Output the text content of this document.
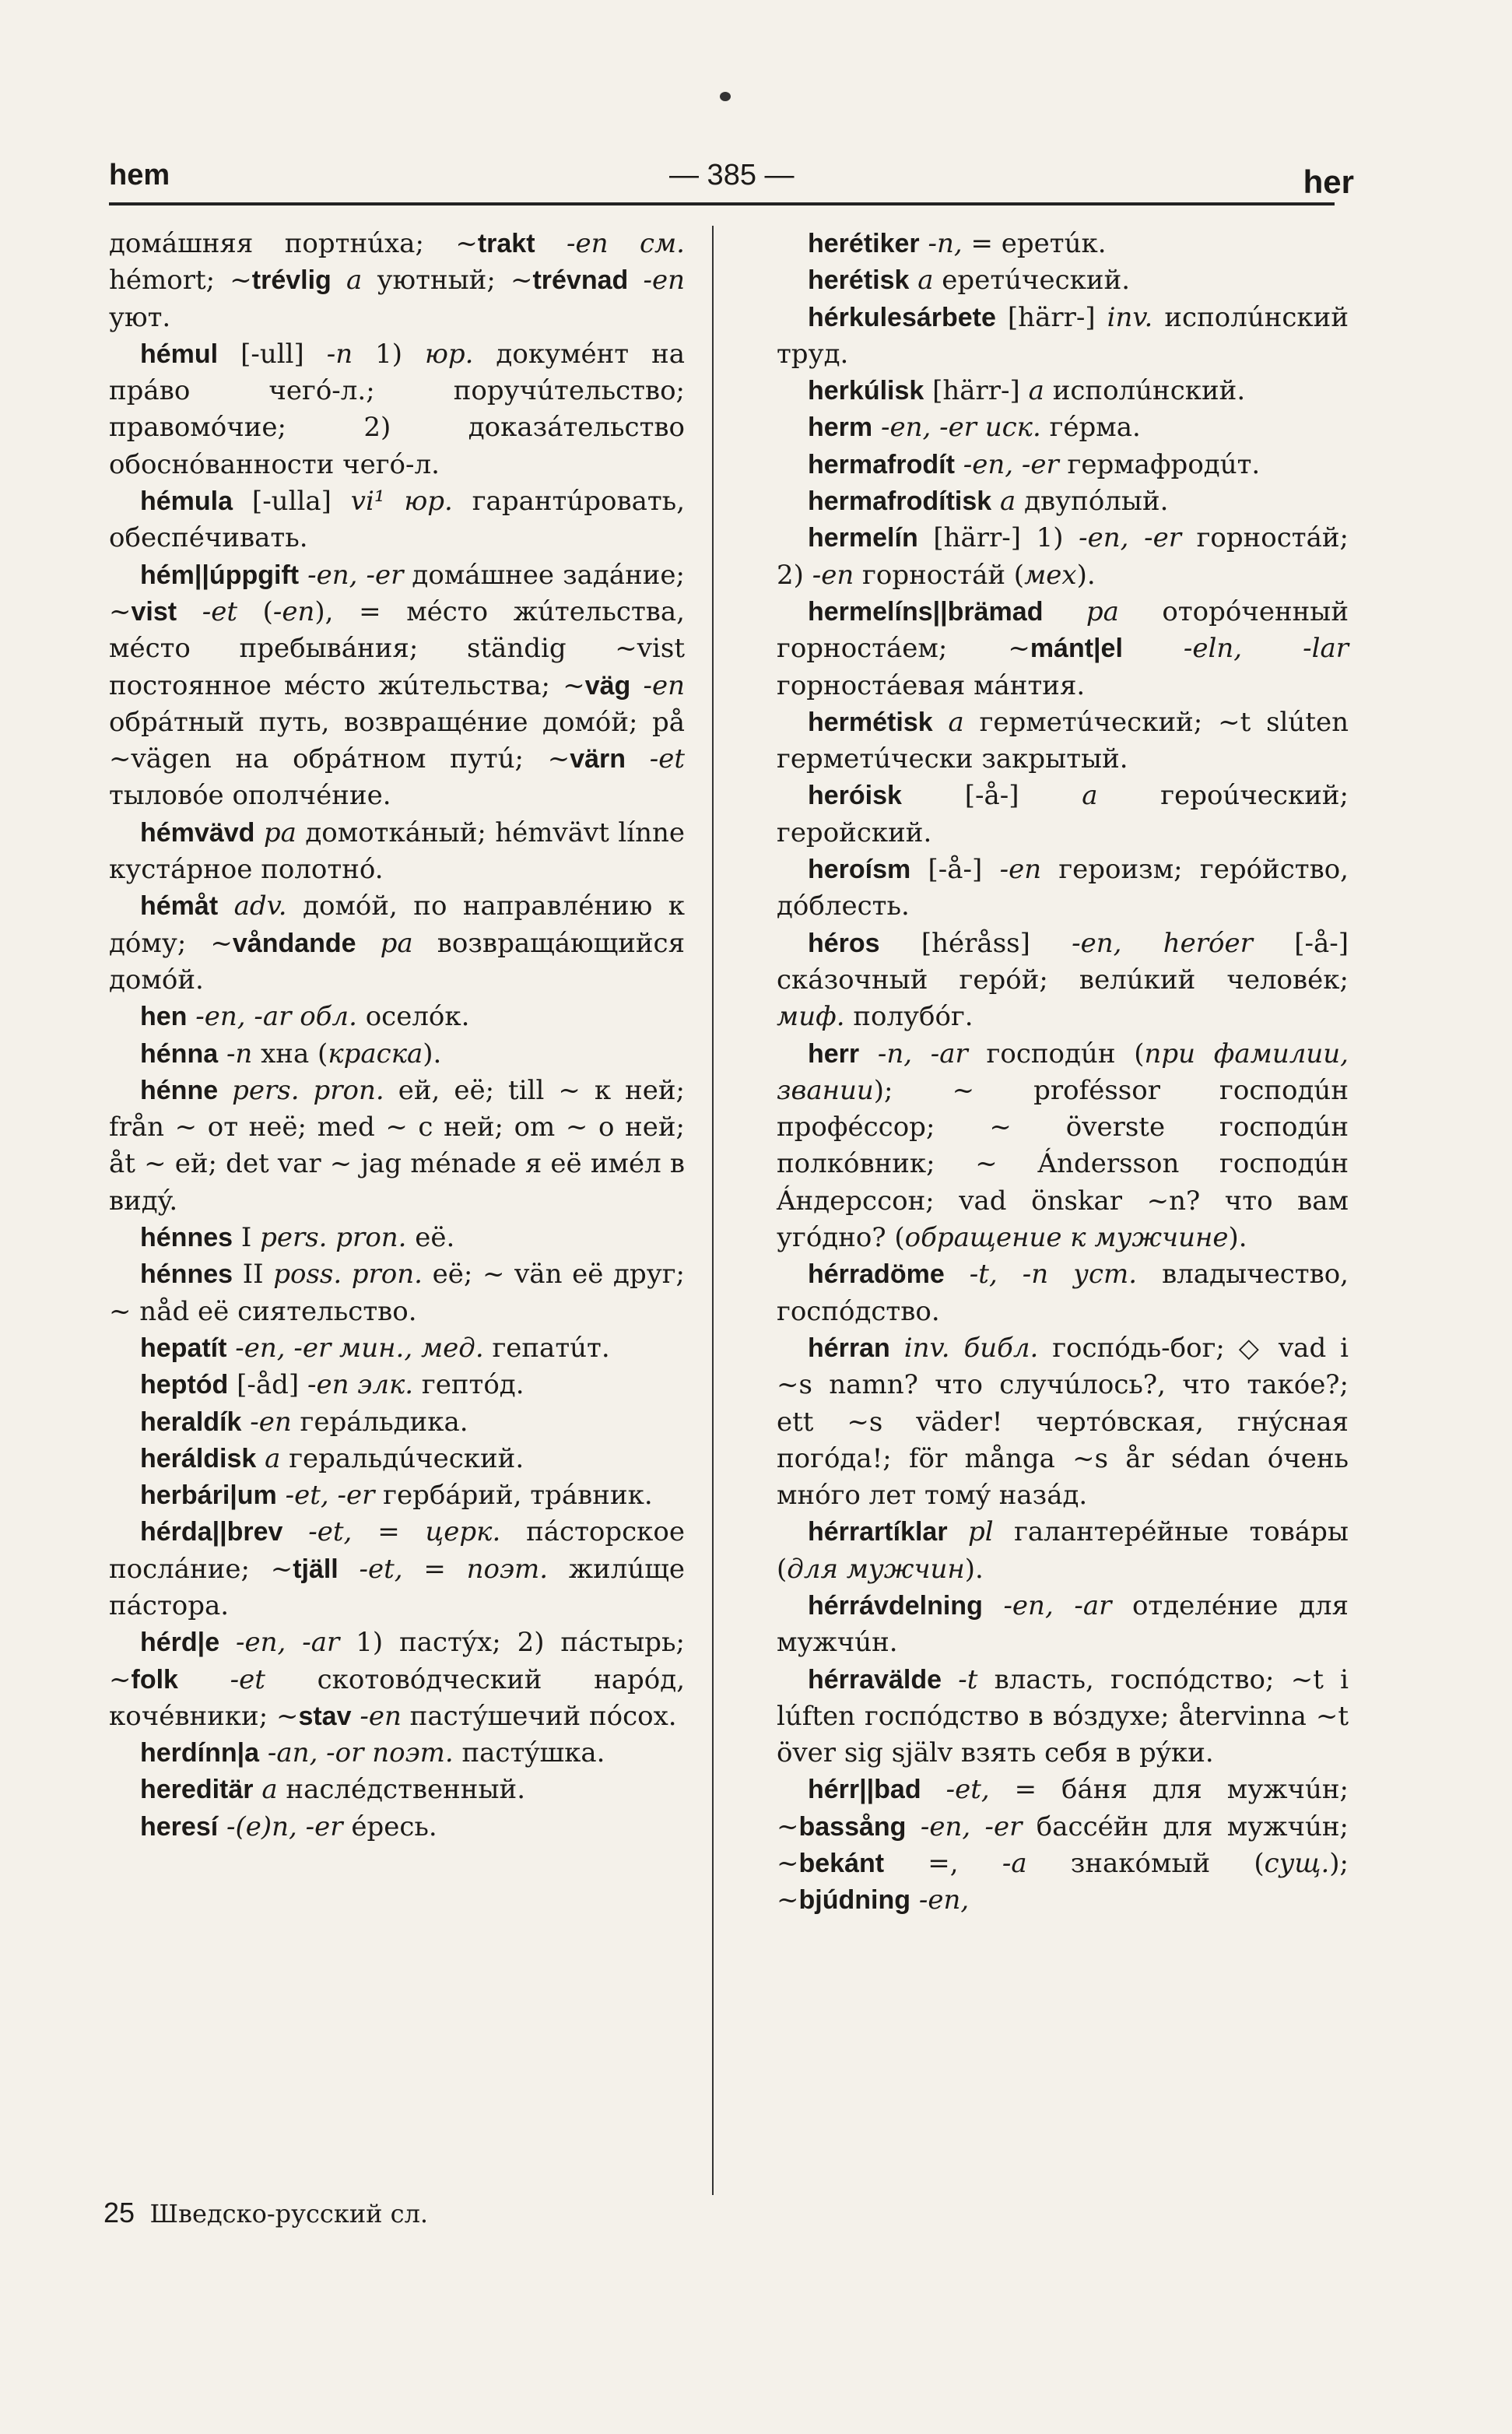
hem	— 385 —	her

домáшняя портнúха; ~trakt -en см. hémort; ~trévlig a уютный; ~trévnad -en уют.

hémul [-ull] -n 1) юр. докумéнт на прáво чегó-л.; поручúтельство; правомóчие; 2) доказáтельство обоснóванности чегó-л.

hémula [-ulla] vi¹ юр. гарантúровать, обеспéчивать.

hém||úppgift -en, -er домáшнее задáние; ~vist -et (-en), = мéсто жúтельства, мéсто пребывáния; ständig ~vist постоянное мéсто жúтельства; ~väg -en обрáтный путь, возвращéние домóй; på ~vägen на обрáтном путú; ~värn -et тыловóе ополчéние.

hémvävd pa домоткáный; hémvävt línne кустáрное полотнó.

hémåt adv. домóй, по направлéнию к дóму; ~våndande pa возвращáющийся домóй.

hen -en, -ar обл. оселóк.

hénna -n хна (краска).

hénne pers. pron. ей, её; till ~ к ней; från ~ от неё; med ~ с ней; om ~ о ней; åt ~ ей; det var ~ jag ménade я её имéл в видý.

hénnes I pers. pron. её.

hénnes II poss. pron. её; ~ vän её друг; ~ nåd её сиятельство.

hepatít -en, -er мин., мед. гепатúт.

heptód [-åd] -en элк. гептóд.

heraldík -en герáльдика.

heráldisk a геральдúческий.

herbári|um -et, -er гербáрий, трáвник.

hérda||brev -et, = церк. пáсторское послáние; ~tjäll -et, = поэт. жилúще пáстора.

hérd|e -en, -ar 1) пастýх; 2) пáстырь; ~folk -et скотовóдческий нарóд, кочéвники; ~stav -en пастýшечий пóсох.

herdínn|a -an, -or поэт. пастýшка.

hereditär a наслéдственный.

heresí -(e)n, -er éресь.

herétiker -n, = еретúк.

herétisk a еретúческий.

hérkulesárbete [härr-] inv. исполúнский труд.

herkúlisk [härr-] a исполúнский.

herm -en, -er иск. гéрма.

hermafrodít -en, -er гермафродúт.

hermafrodítisk a двупóлый.

hermelín [härr-] 1) -en, -er горностáй; 2) -en горностáй (мех).

hermelíns||brämad pa оторóченный горностáем; ~mánt|el -eln, -lar горностáевая мáнтия.

hermétisk a герметúческий; ~t slúten герметúчески закрытый.

heróisk [-å-] a героúческий; геройский.

heroísm [-å-] -en героизм; герóйство, дóблесть.

héros [héråss] -en, heróer [-å-] скáзочный герóй; велúкий человéк; миф. полубóг.

herr -n, -ar господúн (при фамилии, звании); ~ proféssor господúн профéссор; ~ överste господúн полкóвник; ~ Ándersson господúн Áндерссон; vad önskar ~n? что вам угóдно? (обращение к мужчине).

hérradöme -t, -n уст. владычество, госпóдство.

hérran inv. библ. госпóдь-бог; ◇ vad i ~s namn? что случúлось?, что такóе?; ett ~s väder! чертóвская, гнýсная погóда!; för många ~s år sédan óчень мнóго лет томý назáд.

hérrartíklar pl галантерéйные товáры (для мужчин).

hérrávdelning -en, -ar отделéние для мужчúн.

hérravälde -t власть, госпóдство; ~t i lúften госпóдство в вóздухе; återvinna ~t över sig själv взять себя в рýки.

hérr||bad -et, = бáня для мужчúн; ~bassång -en, -er бассéйн для мужчúн; ~bekánt =, -a знакóмый (сущ.); ~bjúdning -en,

25 Шведско-русский сл.
